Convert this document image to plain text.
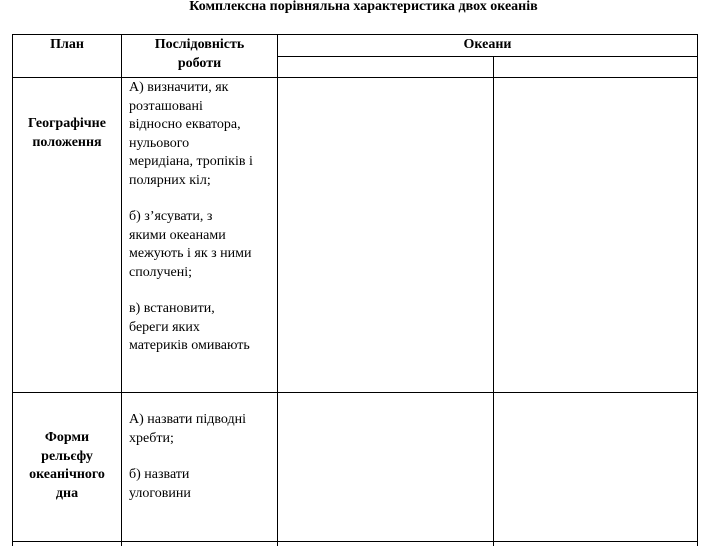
Комплексна порівняльна характеристика двох океанів
План	Послідовність
роботи
Океани
Географічне
положення

А) визначити, як
розташовані
відносно екватора,
нульового
меридіана, тропіків і
полярних кіл;

б) з’ясувати, з
якими океанами
межують і як з ними
сполучені;

в) встановити,
береги яких
материків омивають

Форми
рельєфу
океанічного
дна

А) назвати підводні
хребти;

б) назвати
улоговини
